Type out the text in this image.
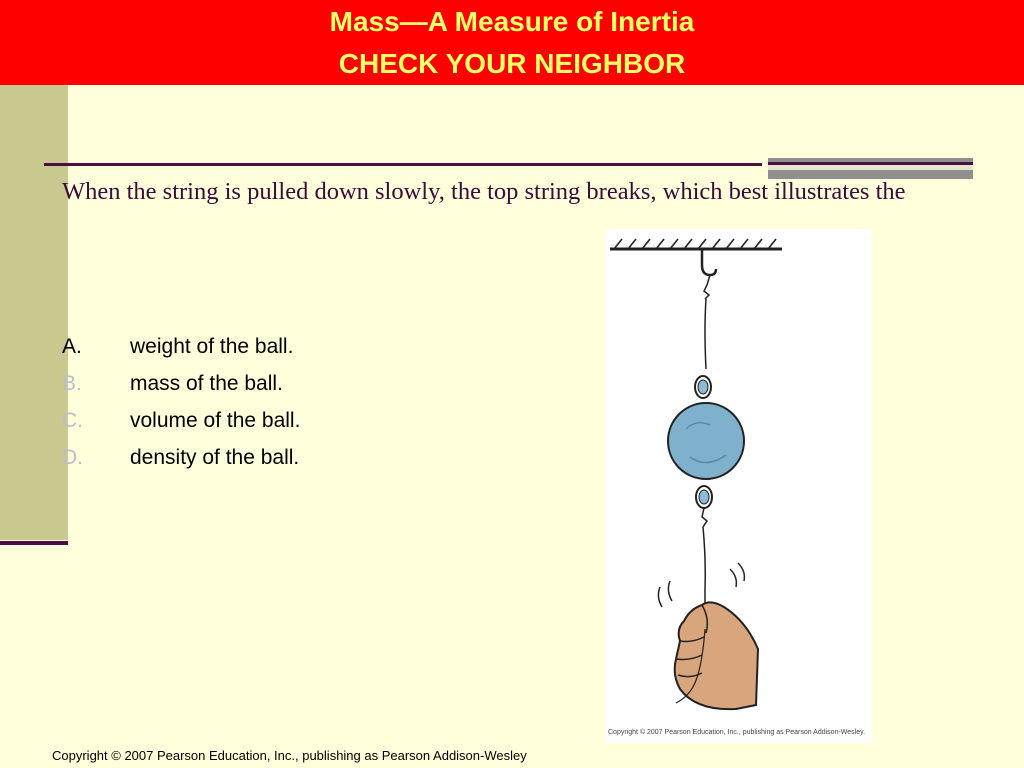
Mass—A Measure of Inertia
CHECK YOUR NEIGHBOR
When the string is pulled down slowly, the top string breaks, which best illustrates the
A.	weight of the ball.
B.	mass of the ball.
C.	volume of the ball.
D.	density of the ball.
Copyright © 2007 Pearson Education, Inc., publishing as Pearson Addison-Wesley.
Copyright © 2007 Pearson Education, Inc., publishing as Pearson Addison-Wesley
